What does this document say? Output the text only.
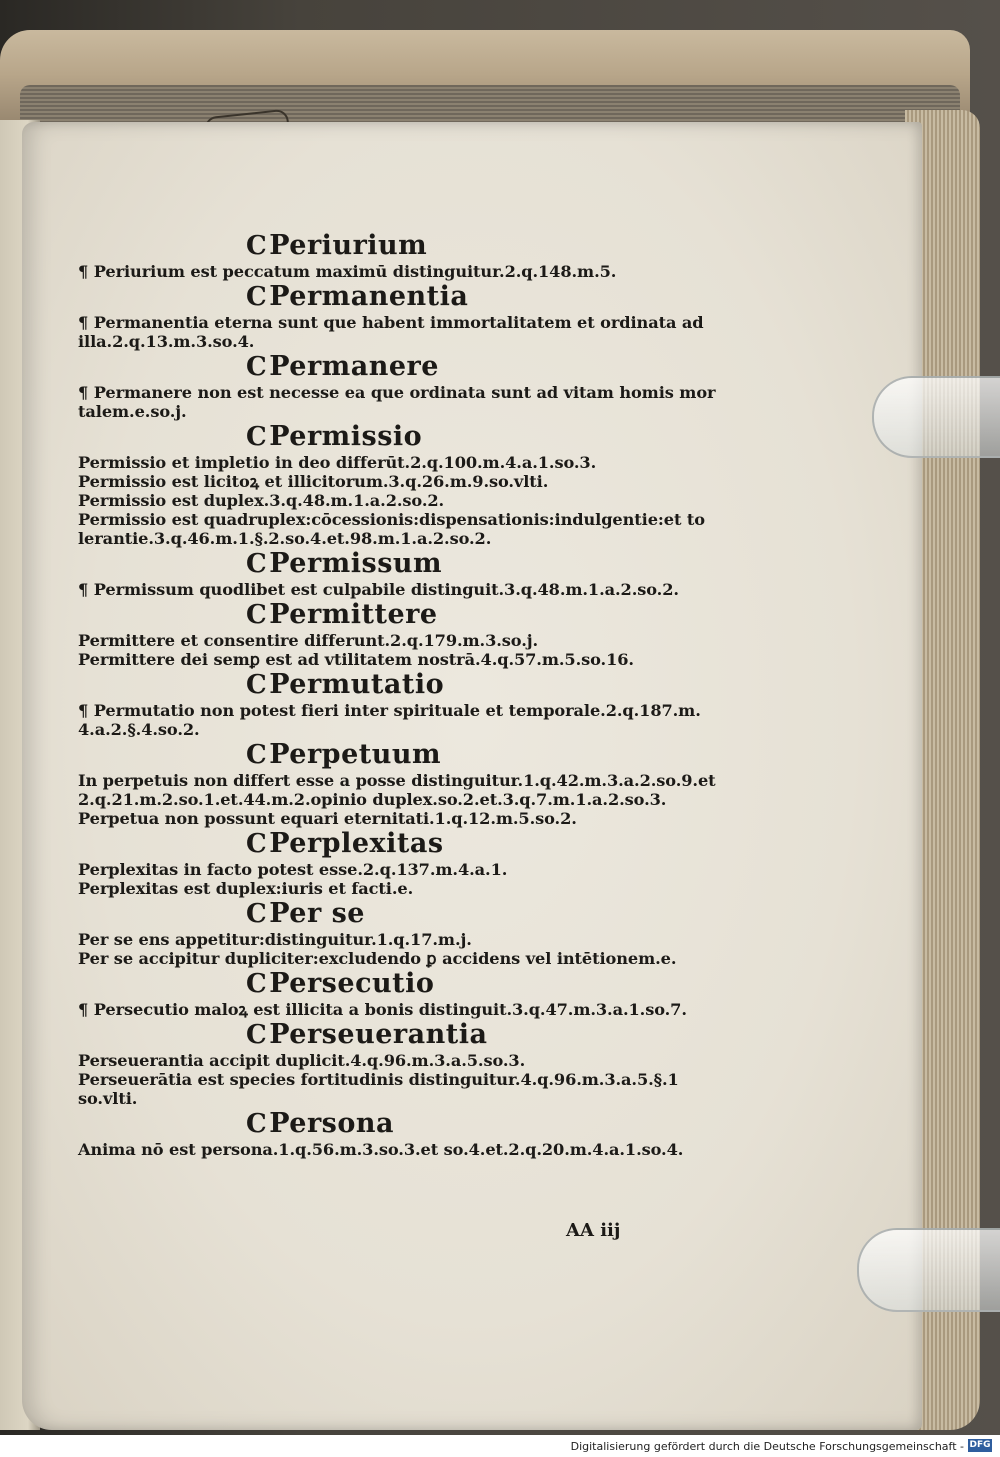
CPeriurium
¶ Periurium est peccatum maximū distinguitur.2.q.148.m.5.
CPermanentia
¶ Permanentia eterna sunt que habent immortalitatem et ordinata ad
illa.2.q.13.m.3.so.4.
CPermanere
¶ Permanere non est necesse ea que ordinata sunt ad vitam homis mor
talem.e.so.j.
CPermissio
Permissio et impletio in deo differūt.2.q.100.m.4.a.1.so.3.
Permissio est licitoꝝ et illicitorum.3.q.26.m.9.so.vlti.
Permissio est duplex.3.q.48.m.1.a.2.so.2.
Permissio est quadruplex:cōcessionis:dispensationis:indulgentie:et to
lerantie.3.q.46.m.1.§.2.so.4.et.98.m.1.a.2.so.2.
CPermissum
¶ Permissum quodlibet est culpabile distinguit.3.q.48.m.1.a.2.so.2.
CPermittere
Permittere et consentire differunt.2.q.179.m.3.so.j.
Permittere dei semꝑ est ad vtilitatem nostrā.4.q.57.m.5.so.16.
CPermutatio
¶ Permutatio non potest fieri inter spirituale et temporale.2.q.187.m.
4.a.2.§.4.so.2.
CPerpetuum
In perpetuis non differt esse a posse distinguitur.1.q.42.m.3.a.2.so.9.et
2.q.21.m.2.so.1.et.44.m.2.opinio duplex.so.2.et.3.q.7.m.1.a.2.so.3.
Perpetua non possunt equari eternitati.1.q.12.m.5.so.2.
CPerplexitas
Perplexitas in facto potest esse.2.q.137.m.4.a.1.
Perplexitas est duplex:iuris et facti.e.
CPer se
Per se ens appetitur:distinguitur.1.q.17.m.j.
Per se accipitur dupliciter:excludendo ꝑ accidens vel intētionem.e.
CPersecutio
¶ Persecutio maloꝝ est illicita a bonis distinguit.3.q.47.m.3.a.1.so.7.
CPerseuerantia
Perseuerantia accipit duplicit.4.q.96.m.3.a.5.so.3.
Perseuerātia est species fortitudinis distinguitur.4.q.96.m.3.a.5.§.1
so.vlti.
CPersona
Anima nō est persona.1.q.56.m.3.so.3.et so.4.et.2.q.20.m.4.a.1.so.4.
AA iij
Digitalisierung gefördert durch die Deutsche Forschungsgemeinschaft - DFG
